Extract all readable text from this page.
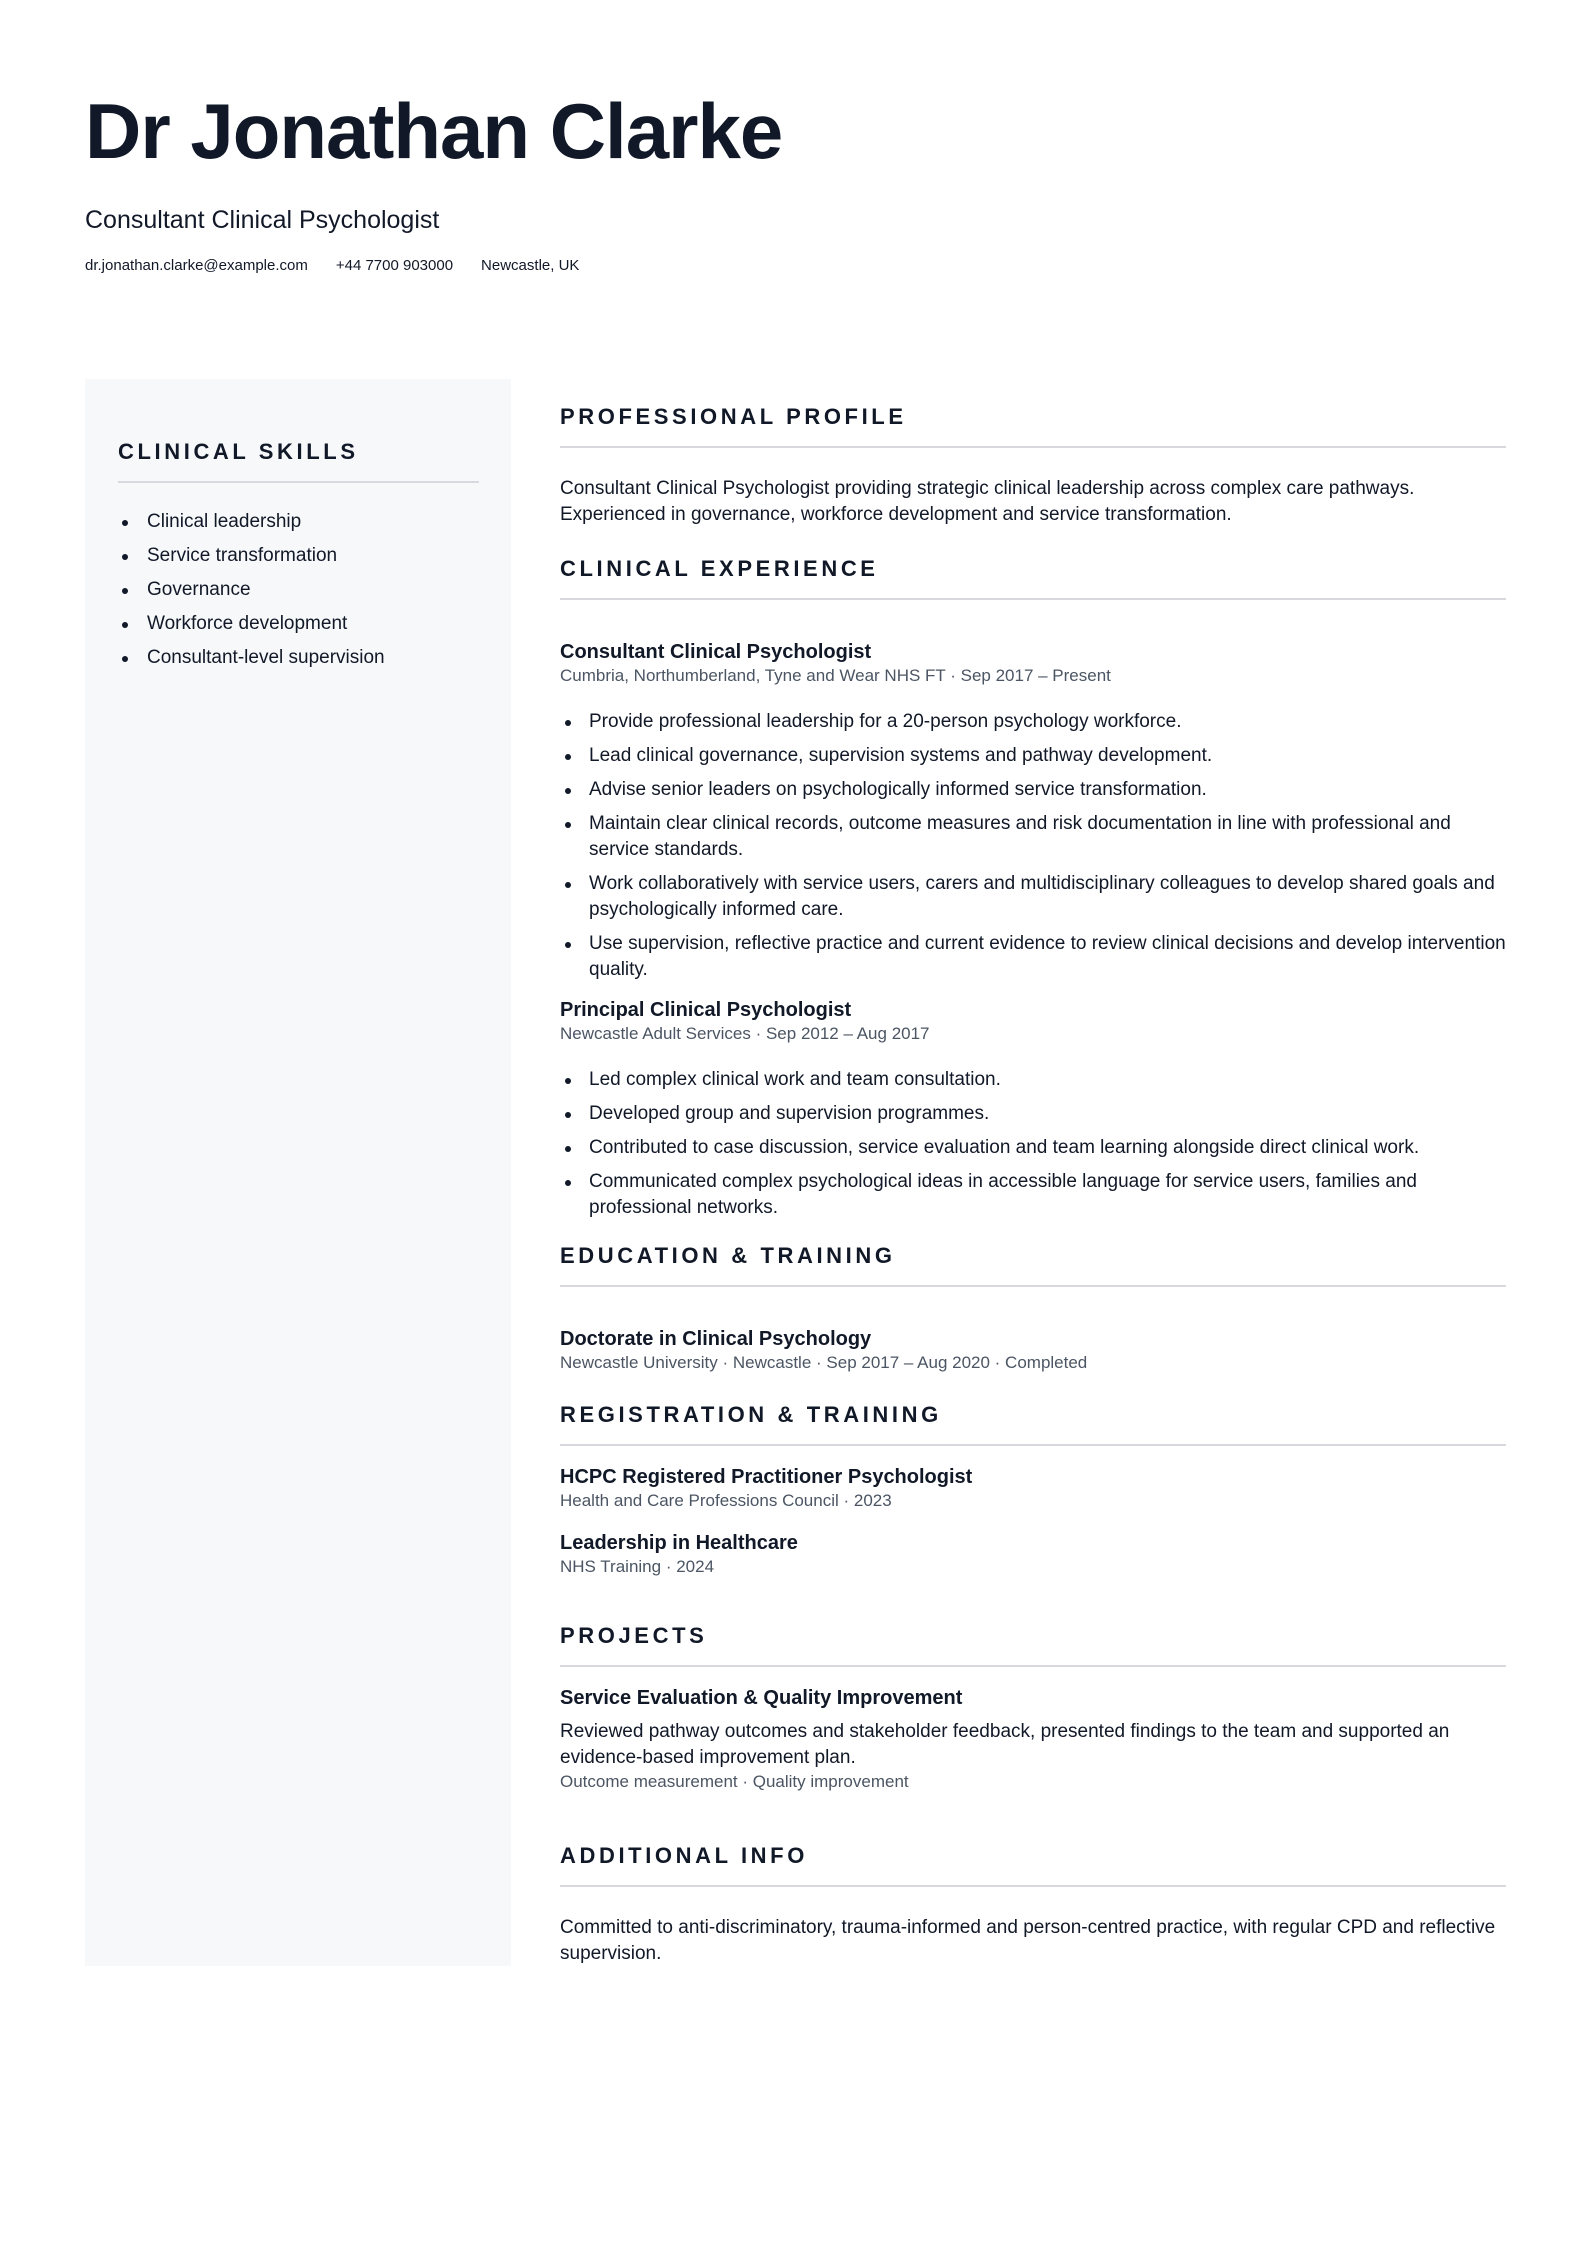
Dr Jonathan Clarke
Consultant Clinical Psychologist
dr.jonathan.clarke@example.com +44 7700 903000 Newcastle, UK
CLINICAL SKILLS
Clinical leadership
Service transformation
Governance
Workforce development
Consultant-level supervision
PROFESSIONAL PROFILE

Consultant Clinical Psychologist providing strategic clinical leadership across complex care pathways. Experienced in governance, workforce development and service transformation.

CLINICAL EXPERIENCE
Consultant Clinical Psychologist

Cumbria, Northumberland, Tyne and Wear NHS FT · Sep 2017 – Present

Provide professional leadership for a 20-person psychology workforce.
Lead clinical governance, supervision systems and pathway development.
Advise senior leaders on psychologically informed service transformation.
Maintain clear clinical records, outcome measures and risk documentation in line with professional and service standards.
Work collaboratively with service users, carers and multidisciplinary colleagues to develop shared goals and psychologically informed care.
Use supervision, reflective practice and current evidence to review clinical decisions and develop intervention quality.
Principal Clinical Psychologist

Newcastle Adult Services · Sep 2012 – Aug 2017

Led complex clinical work and team consultation.
Developed group and supervision programmes.
Contributed to case discussion, service evaluation and team learning alongside direct clinical work.
Communicated complex psychological ideas in accessible language for service users, families and professional networks.
EDUCATION & TRAINING
Doctorate in Clinical Psychology

Newcastle University · Newcastle · Sep 2017 – Aug 2020 · Completed

REGISTRATION & TRAINING
HCPC Registered Practitioner Psychologist

Health and Care Professions Council · 2023

Leadership in Healthcare

NHS Training · 2024

PROJECTS
Service Evaluation & Quality Improvement

Reviewed pathway outcomes and stakeholder feedback, presented findings to the team and supported an evidence-based improvement plan.

Outcome measurement · Quality improvement

ADDITIONAL INFO

Committed to anti-discriminatory, trauma-informed and person-centred practice, with regular CPD and reflective supervision.
